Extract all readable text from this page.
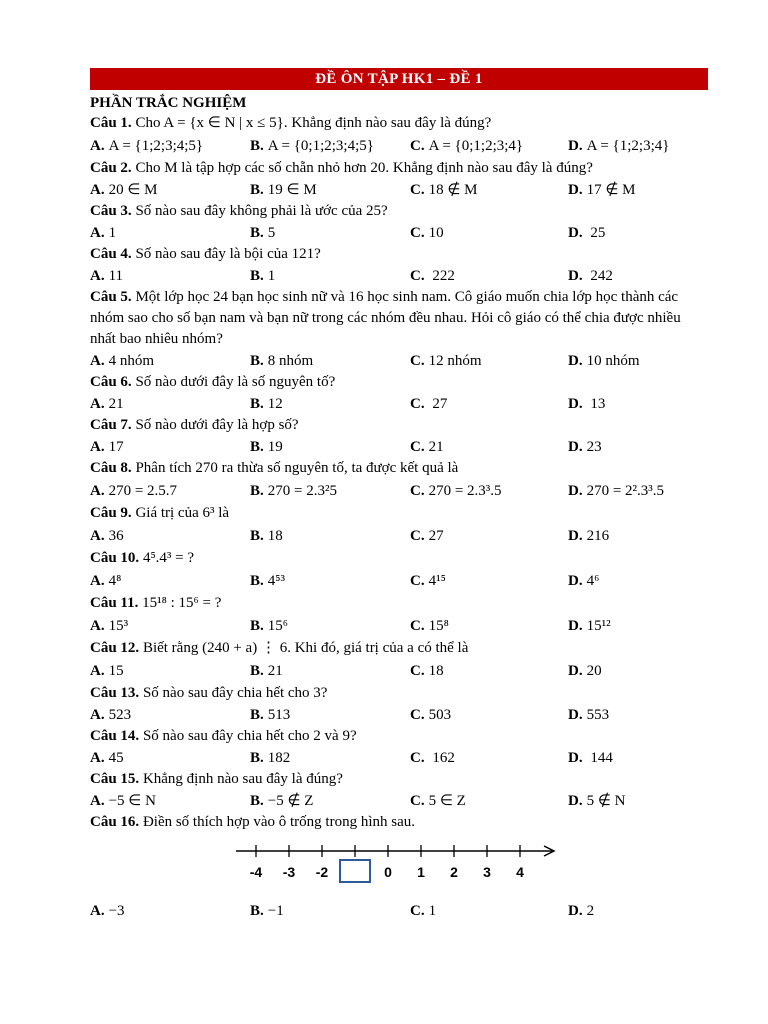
ĐỀ ÔN TẬP HK1 – ĐỀ 1
PHẦN TRẮC NGHIỆM
Câu 1. Cho A = {x ∈ N | x ≤ 5}. Khẳng định nào sau đây là đúng?
A. A = {1;2;3;4;5}	B. A = {0;1;2;3;4;5}	C. A = {0;1;2;3;4}	D. A = {1;2;3;4}
Câu 2. Cho M là tập hợp các số chẵn nhỏ hơn 20. Khẳng định nào sau đây là đúng?
A. 20 ∈ M	B. 19 ∈ M	C. 18 ∉ M	D. 17 ∉ M
Câu 3. Số nào sau đây không phải là ước của 25?
A. 1	B. 5	C. 10	D. 25
Câu 4. Số nào sau đây là bội của 121?
A. 11	B. 1	C. 222	D. 242
Câu 5. Một lớp học 24 bạn học sinh nữ và 16 học sinh nam. Cô giáo muốn chia lớp học thành các nhóm sao cho số bạn nam và bạn nữ trong các nhóm đều nhau. Hỏi cô giáo có thể chia được nhiều nhất bao nhiêu nhóm?
A. 4 nhóm	B. 8 nhóm	C. 12 nhóm	D. 10 nhóm
Câu 6. Số nào dưới đây là số nguyên tố?
A. 21	B. 12	C. 27	D. 13
Câu 7. Số nào dưới đây là hợp số?
A. 17	B. 19	C. 21	D. 23
Câu 8. Phân tích 270 ra thừa số nguyên tố, ta được kết quả là
A. 270 = 2.5.7	B. 270 = 2.3²5	C. 270 = 2.3³.5	D. 270 = 2².3³.5
Câu 9. Giá trị của 6³ là
A. 36	B. 18	C. 27	D. 216
Câu 10. 4⁵.4³ = ?
A. 4⁸	B. 4⁵³	C. 4¹⁵	D. 4⁶
Câu 11. 15¹⁸ : 15⁶ = ?
A. 15³	B. 15⁶	C. 15⁸	D. 15¹²
Câu 12. Biết rằng (240 + a) ⋮ 6. Khi đó, giá trị của a có thể là
A. 15	B. 21	C. 18	D. 20
Câu 13. Số nào sau đây chia hết cho 3?
A. 523	B. 513	C. 503	D. 553
Câu 14. Số nào sau đây chia hết cho 2 và 9?
A. 45	B. 182	C. 162	D. 144
Câu 15. Khẳng định nào sau đây là đúng?
A. −5 ∈ N	B. −5 ∉ Z	C. 5 ∈ Z	D. 5 ∉ N
Câu 16. Điền số thích hợp vào ô trống trong hình sau.
-4 -3 -2	0 1 2 3 4
A. −3	B. −1	C. 1	D. 2
